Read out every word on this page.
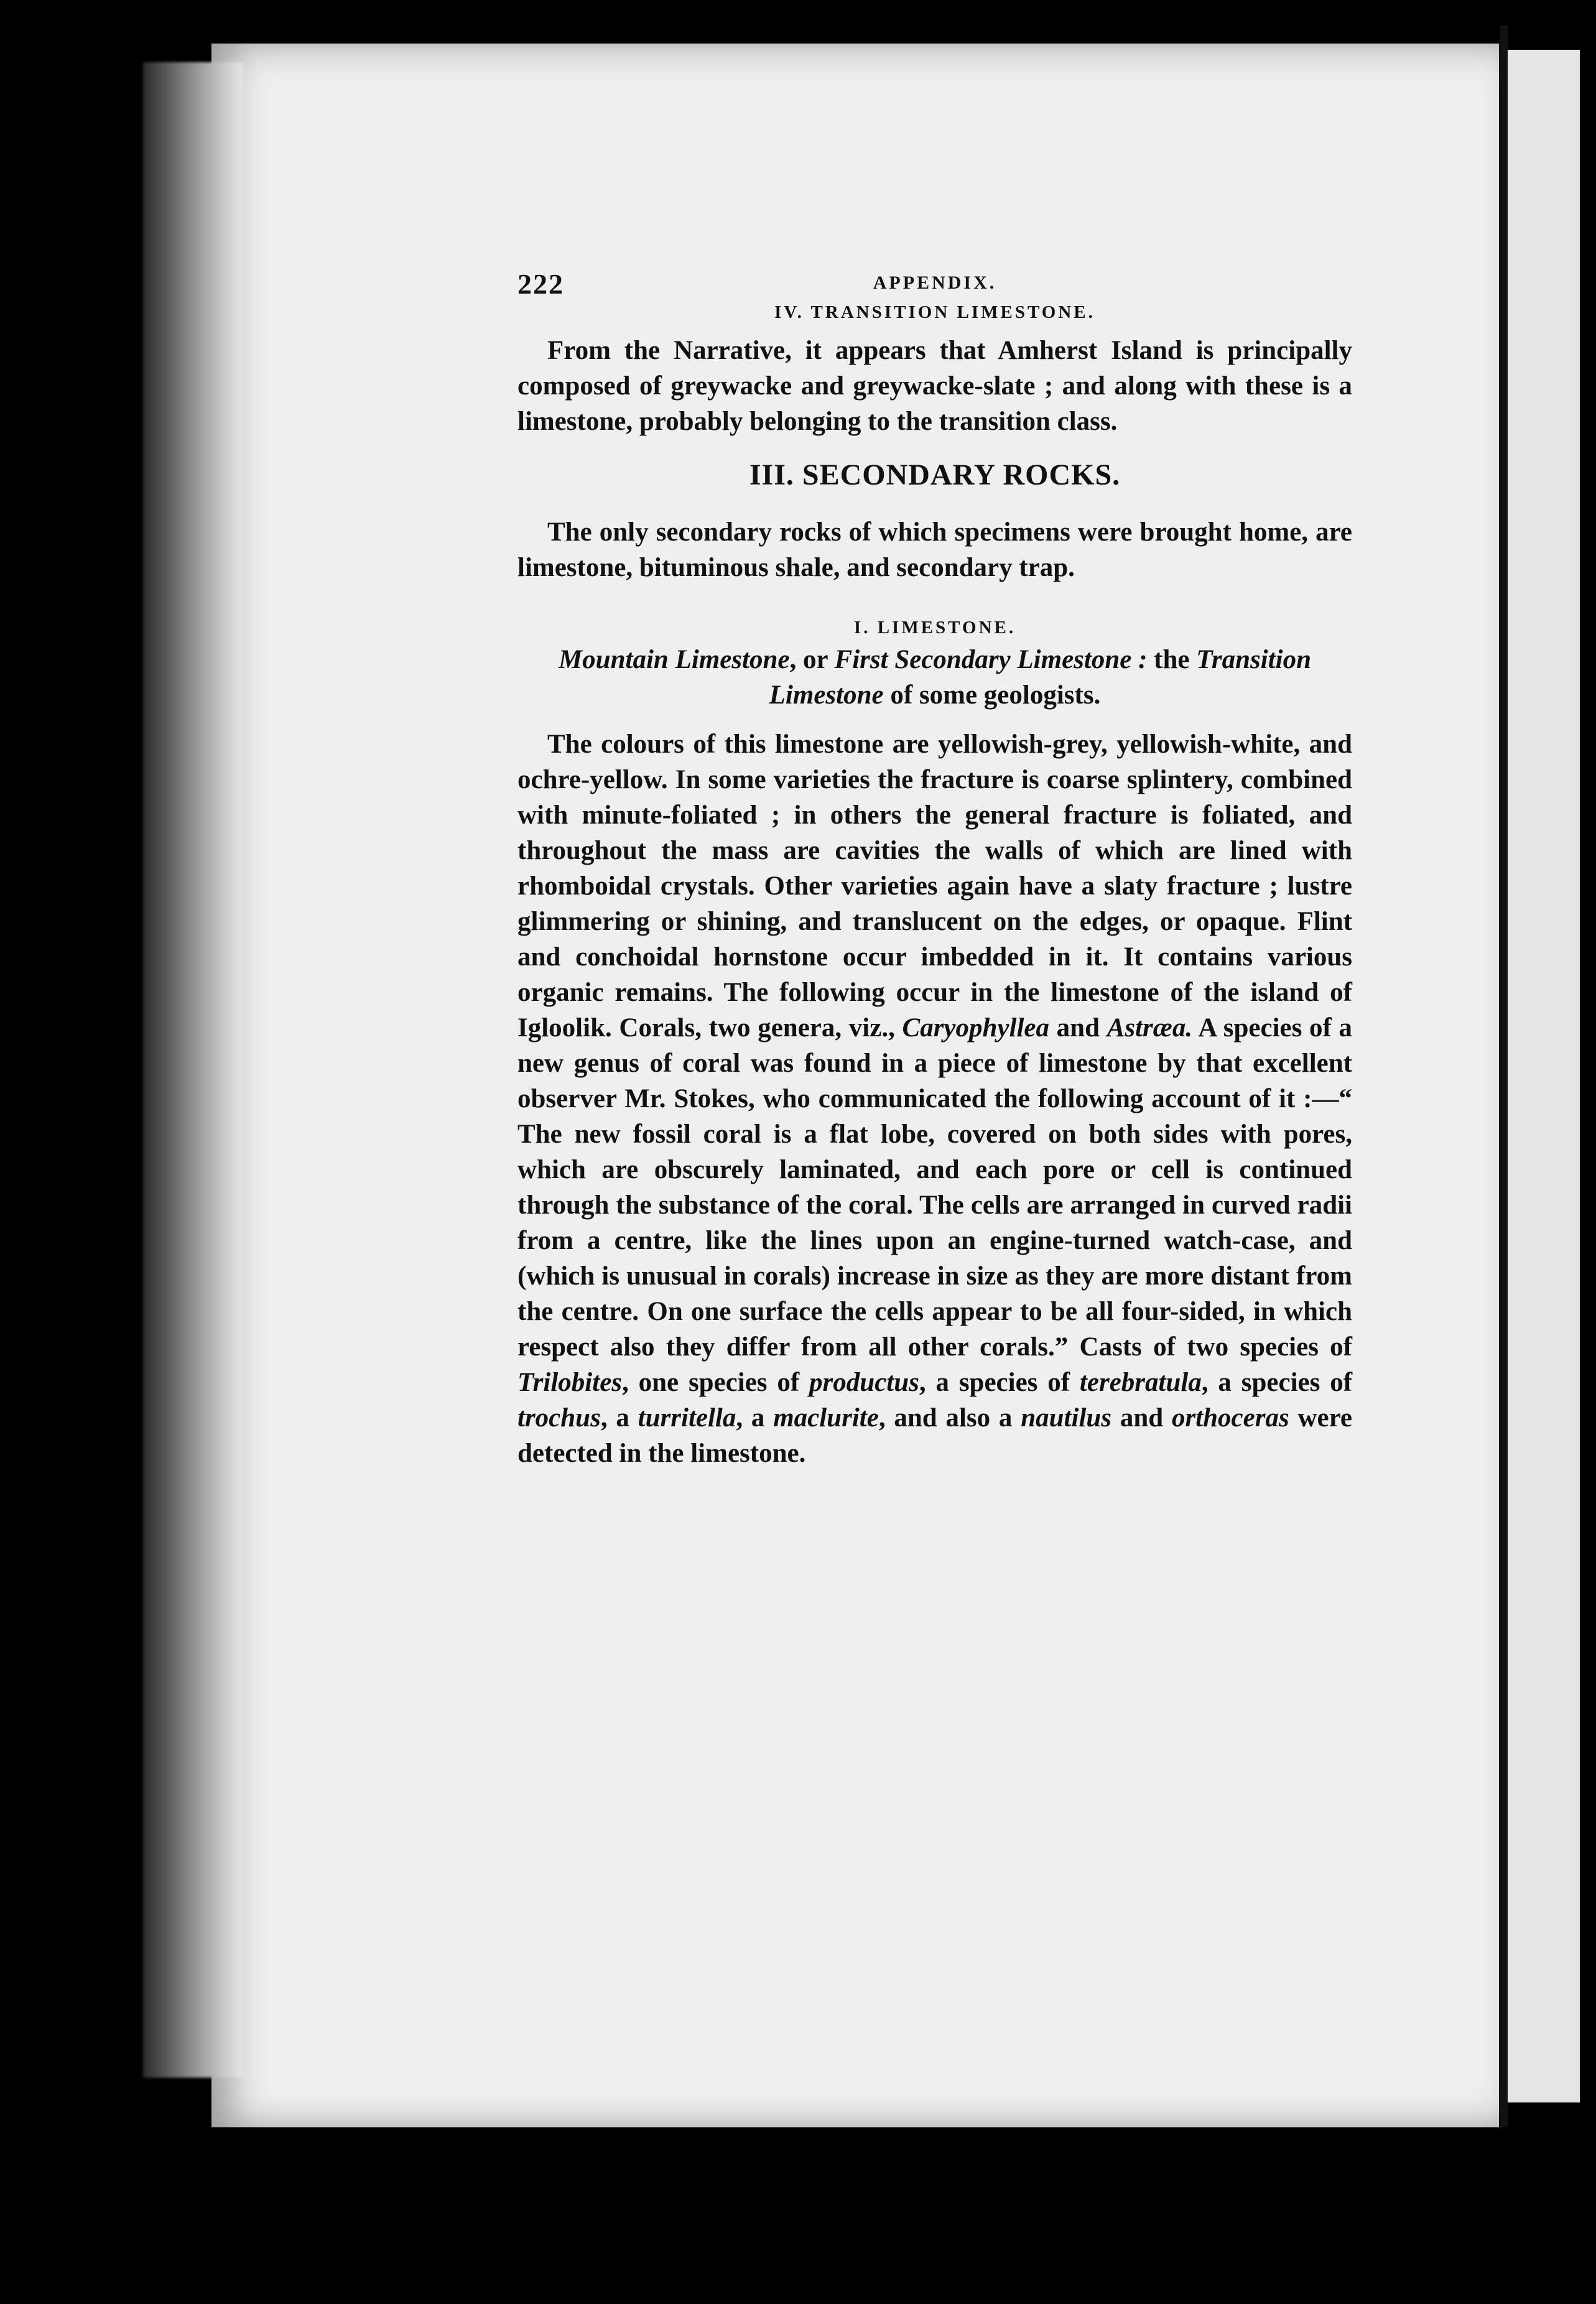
222	APPENDIX.

IV. TRANSITION LIMESTONE.

From the Narrative, it appears that Amherst Island is principally composed of greywacke and greywacke-slate ; and along with these is a limestone, probably belonging to the transition class.

III. SECONDARY ROCKS.

The only secondary rocks of which specimens were brought home, are limestone, bituminous shale, and secondary trap.

I. LIMESTONE.

Mountain Limestone, or First Secondary Limestone : the Transition Limestone of some geologists.

The colours of this limestone are yellowish-grey, yellowish-white, and ochre-yellow. In some varieties the fracture is coarse splintery, combined with minute-foliated ; in others the general fracture is foliated, and throughout the mass are cavities the walls of which are lined with rhomboidal crystals. Other varieties again have a slaty fracture ; lustre glimmering or shining, and translucent on the edges, or opaque. Flint and conchoidal hornstone occur imbedded in it. It contains various organic remains. The following occur in the limestone of the island of Igloolik. Corals, two genera, viz., Caryophyllea and Astræa. A species of a new genus of coral was found in a piece of limestone by that excellent observer Mr. Stokes, who communicated the following account of it :—“ The new fossil coral is a flat lobe, covered on both sides with pores, which are obscurely laminated, and each pore or cell is continued through the substance of the coral. The cells are arranged in curved radii from a centre, like the lines upon an engine-turned watch-case, and (which is unusual in corals) increase in size as they are more distant from the centre. On one surface the cells appear to be all four-sided, in which respect also they differ from all other corals.” Casts of two species of Trilobites, one species of productus, a species of terebratula, a species of trochus, a turritella, a maclurite, and also a nautilus and orthoceras were detected in the limestone.
